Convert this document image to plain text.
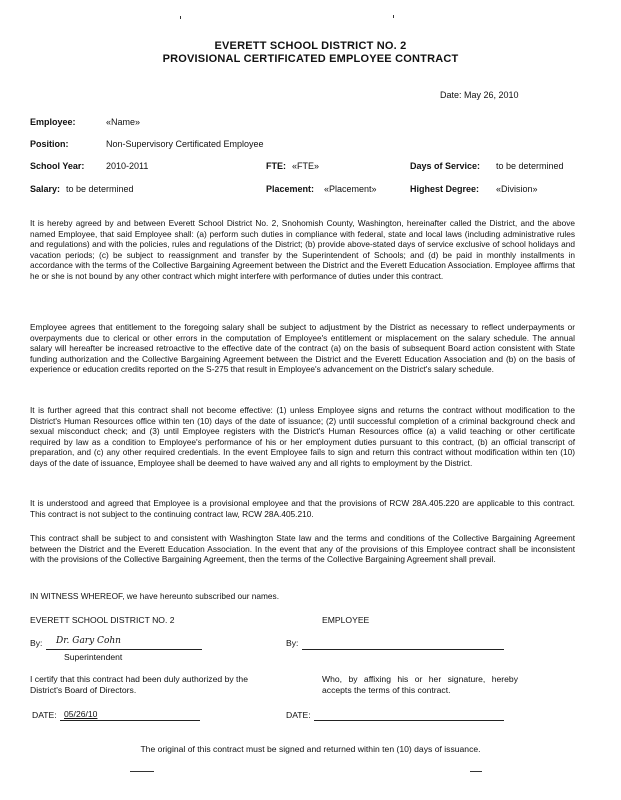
EVERETT SCHOOL DISTRICT NO. 2
PROVISIONAL CERTIFICATED EMPLOYEE CONTRACT
Date: May 26, 2010
Employee:	«Name»
Position:	Non-Supervisory Certificated Employee
School Year: 2010-2011	FTE: «FTE»	Days of Service: to be determined
Salary: to be determined	Placement: «Placement»	Highest Degree: «Division»
It is hereby agreed by and between Everett School District No. 2, Snohomish County, Washington, hereinafter called the District, and the above named Employee, that said Employee shall: (a) perform such duties in compliance with federal, state and local laws (including administrative rules and regulations) and with the policies, rules and regulations of the District; (b) provide above-stated days of service exclusive of school holidays and vacation periods; (c) be subject to reassignment and transfer by the Superintendent of Schools; and (d) be paid in monthly installments in accordance with the terms of the Collective Bargaining Agreement between the District and the Everett Education Association. Employee affirms that he or she is not bound by any other contract which might interfere with performance of duties under this contract.
Employee agrees that entitlement to the foregoing salary shall be subject to adjustment by the District as necessary to reflect underpayments or overpayments due to clerical or other errors in the computation of Employee's entitlement or misplacement on the salary schedule. The annual salary will hereafter be increased retroactive to the effective date of the contract (a) on the basis of subsequent Board action consistent with State funding authorization and the Collective Bargaining Agreement between the District and the Everett Education Association and (b) on the basis of experience or education credits reported on the S-275 that result in Employee's advancement on the District's salary schedule.
It is further agreed that this contract shall not become effective: (1) unless Employee signs and returns the contract without modification to the District's Human Resources office within ten (10) days of the date of issuance; (2) until successful completion of a criminal background check and sexual misconduct check; and (3) until Employee registers with the District's Human Resources office (a) a valid teaching or other certificate required by law as a condition to Employee's performance of his or her employment duties pursuant to this contract, (b) an official transcript of preparation, and (c) any other required credentials. In the event Employee fails to sign and return this contract without modification within ten (10) days of the date of issuance, Employee shall be deemed to have waived any and all rights to employment by the District.
It is understood and agreed that Employee is a provisional employee and that the provisions of RCW 28A.405.220 are applicable to this contract. This contract is not subject to the continuing contract law, RCW 28A.405.210.
This contract shall be subject to and consistent with Washington State law and the terms and conditions of the Collective Bargaining Agreement between the District and the Everett Education Association. In the event that any of the provisions of this Employee contract shall be inconsistent with the provisions of the Collective Bargaining Agreement, then the terms of the Collective Bargaining Agreement shall prevail.
IN WITNESS WHEREOF, we have hereunto subscribed our names.
EVERETT SCHOOL DISTRICT NO. 2	EMPLOYEE
By: Dr. Gary Cohn
Superintendent
By:
I certify that this contract had been duly authorized by the District's Board of Directors.
Who, by affixing his or her signature, hereby accepts the terms of this contract.
DATE: 05/26/10	DATE:
The original of this contract must be signed and returned within ten (10) days of issuance.
